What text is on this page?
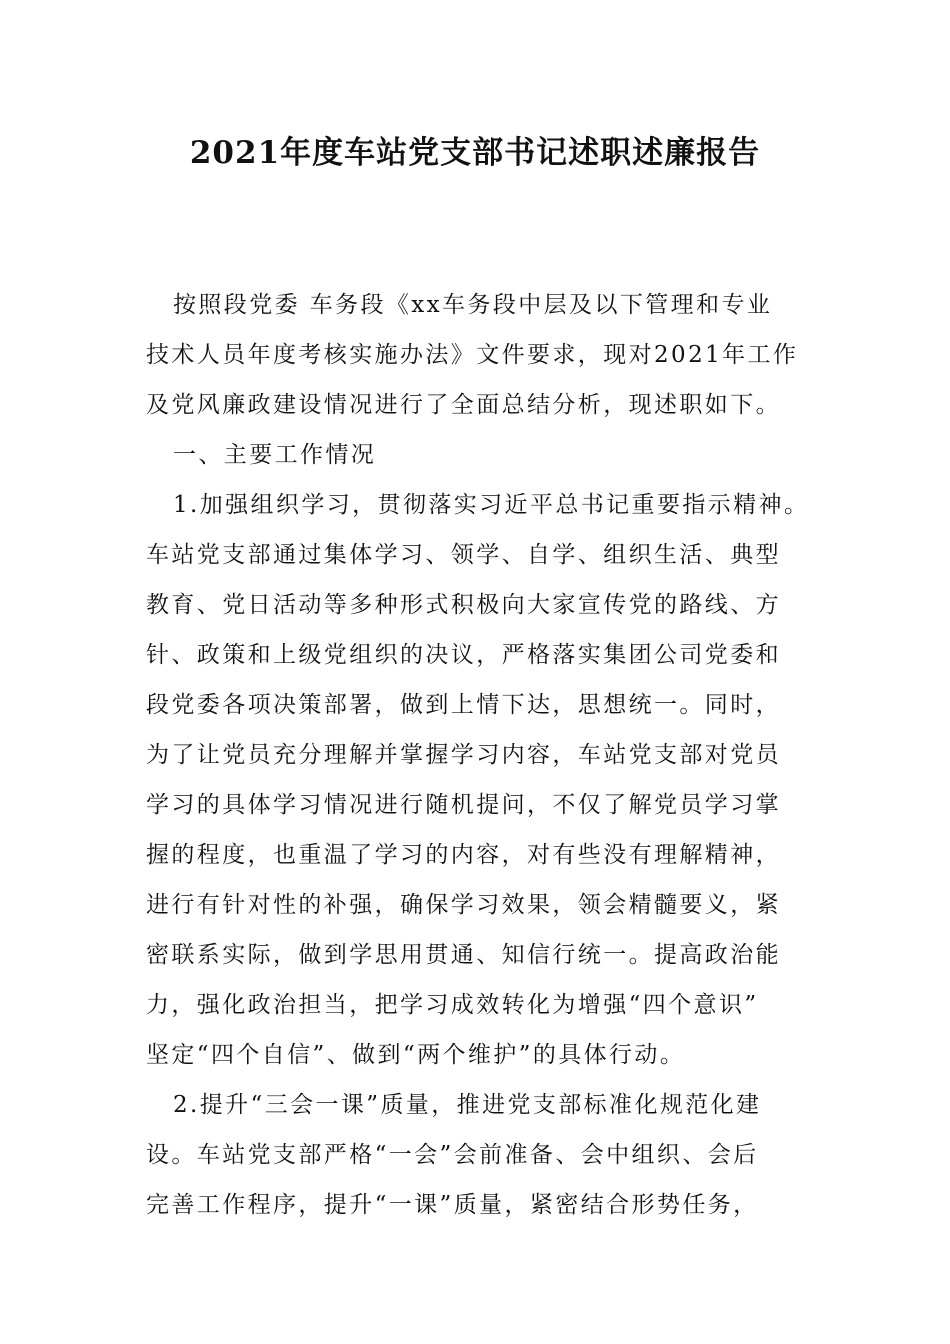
2021年度车站党支部书记述职述廉报告
按照段党委 车务段《xx车务段中层及以下管理和专业
技术人员年度考核实施办法》文件要求，现对2021年工作
及党风廉政建设情况进行了全面总结分析，现述职如下。
一、主要工作情况
1.加强组织学习，贯彻落实习近平总书记重要指示精神。
车站党支部通过集体学习、领学、自学、组织生活、典型
教育、党日活动等多种形式积极向大家宣传党的路线、方
针、政策和上级党组织的决议，严格落实集团公司党委和
段党委各项决策部署，做到上情下达，思想统一。同时，
为了让党员充分理解并掌握学习内容，车站党支部对党员
学习的具体学习情况进行随机提问，不仅了解党员学习掌
握的程度，也重温了学习的内容，对有些没有理解精神，
进行有针对性的补强，确保学习效果，领会精髓要义，紧
密联系实际，做到学思用贯通、知信行统一。提高政治能
力，强化政治担当，把学习成效转化为增强“四个意识”
坚定“四个自信”、做到“两个维护”的具体行动。
2.提升“三会一课”质量，推进党支部标准化规范化建
设。车站党支部严格“一会”会前准备、会中组织、会后
完善工作程序，提升“一课”质量，紧密结合形势任务，
